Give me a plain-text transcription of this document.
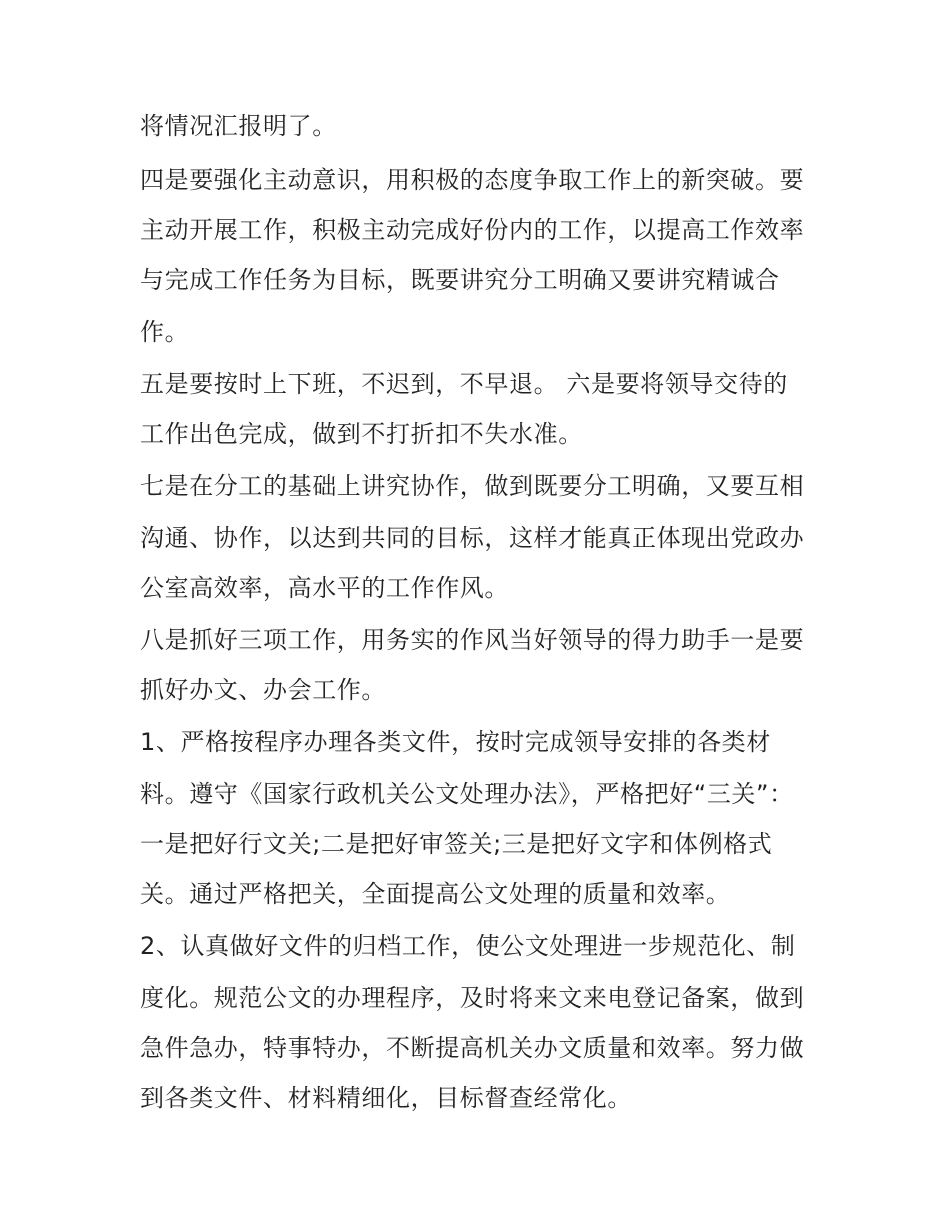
将情况汇报明了。

四是要强化主动意识，用积极的态度争取工作上的新突破。要

主动开展工作，积极主动完成好份内的工作，以提高工作效率

与完成工作任务为目标，既要讲究分工明确又要讲究精诚合

作。

五是要按时上下班，不迟到，不早退。 六是要将领导交待的

工作出色完成，做到不打折扣不失水准。

七是在分工的基础上讲究协作，做到既要分工明确，又要互相

沟通、协作，以达到共同的目标，这样才能真正体现出党政办

公室高效率，高水平的工作作风。

八是抓好三项工作，用务实的作风当好领导的得力助手一是要

抓好办文、办会工作。

1、严格按程序办理各类文件，按时完成领导安排的各类材

料。遵守《国家行政机关公文处理办法》，严格把好“三关”：

一是把好行文关;二是把好审签关;三是把好文字和体例格式

关。通过严格把关，全面提高公文处理的质量和效率。

2、认真做好文件的归档工作，使公文处理进一步规范化、制

度化。规范公文的办理程序，及时将来文来电登记备案，做到

急件急办，特事特办，不断提高机关办文质量和效率。努力做

到各类文件、材料精细化，目标督查经常化。
